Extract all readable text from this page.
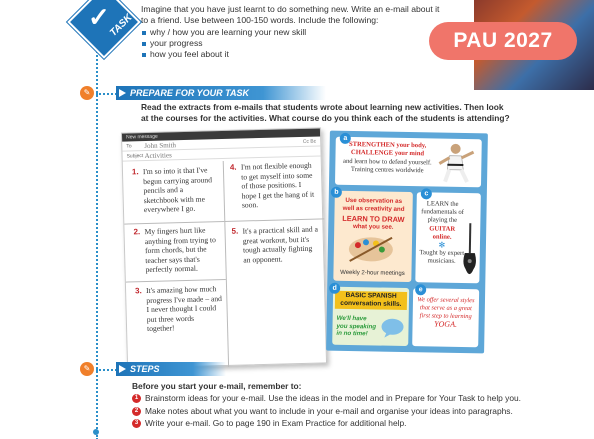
PAU 2027
✓
TASK

Imagine that you have just learnt to do something new. Write an e-mail about it to a friend. Use between 100-150 words. Include the following:

why / how you are learning your new skill
your progress
how you feel about it
✎	PREPARE FOR YOUR TASK
Read the extracts from e-mails that students wrote about learning new activities. Then look at the courses for the activities. What course do you think each of the students is attending?
New message
To John Smith	Cc Bc
Subject Activities
1. I'm so into it that I've begun carrying around pencils and a sketchbook with me everywhere I go.
2. My fingers hurt like anything from trying to form chords, but the teacher says that's perfectly normal.
3. It's amazing how much progress I've made – and I never thought I could put three words together!
4. I'm not flexible enough to get myself into some of those positions. I hope I get the hang of it soon.
5. It's a practical skill and a great workout, but it's tough actually fighting an opponent.
STRENGTHEN your body,
CHALLENGE your mind
and learn how to defend yourself.
Training centres worldwide
a
Use observation as well as creativity and
LEARN TO DRAW
what you see.
Weekly 2-hour meetings
b
LEARN the fundamentals of playing the
GUITAR online.
✻
Taught by expert musicians.
c
BASIC SPANISH
conversation skills.
We'll have you speaking in no time!
d
We offer several styles that serve as a great first step to learning
YOGA.
e
✎	STEPS
Before you start your e-mail, remember to:
1 Brainstorm ideas for your e-mail. Use the ideas in the model and in Prepare for Your Task to help you.
2 Make notes about what you want to include in your e-mail and organise your ideas into paragraphs.
3 Write your e-mail. Go to page 190 in Exam Practice for additional help.
